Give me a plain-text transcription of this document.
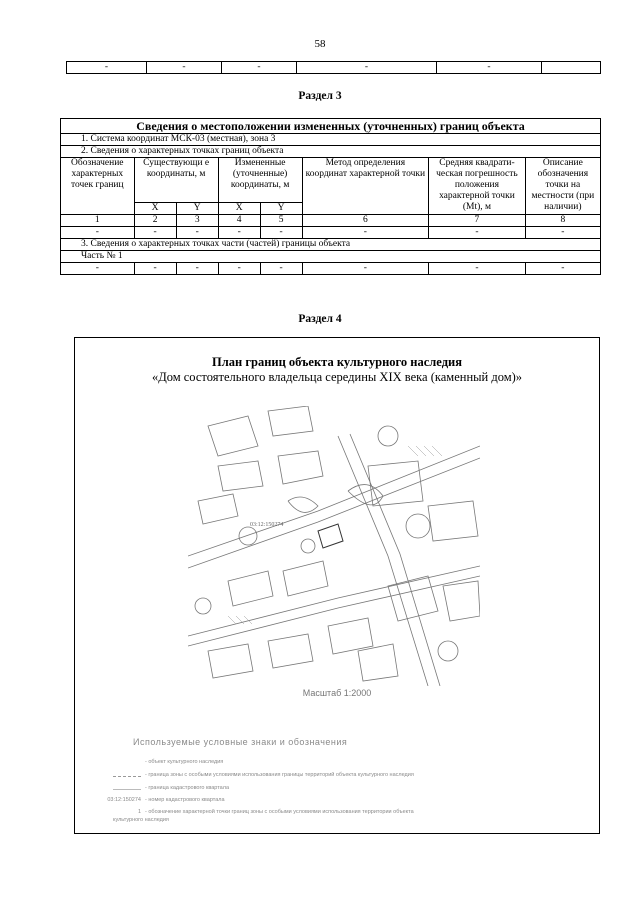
58
-	-	-	-	-	
Раздел 3
Сведения о местоположении измененных (уточненных) границ объекта							
1. Система координат МСК-03 (местная), зона 3							
2. Сведения о характерных точках границ объекта							
Обозначение характерных точек границ	Существующи е координаты, м		Измененные (уточненные) координаты, м		Метод определения координат характерной точки	Средняя квадрати-ческая погрешность положения характерной точки (Mt), м	Описание обозначения точки на местности (при наличии)
	X	Y	X	Y			
1	2	3	4	5	6	7	8
-	-	-	-	-	-	-	-
3. Сведения о характерных точках части (частей) границы объекта							
Часть № 1							
-	-	-	-	-	-	-	-
Раздел 4
План границ объекта культурного наследия
«Дом состоятельного владельца середины XIX века (каменный дом)»
03:12:150274
Масштаб 1:2000
Используемые условные знаки и обозначения
- объект культурного наследия
- граница зоны с особыми условиями использования границы территорий объекта культурного наследия
- граница кадастрового квартала
03:12:150274 - номер кадастрового квартала
1 - обозначение характерной точки границ зоны с особыми условиями использования территории объекта культурного наследия
